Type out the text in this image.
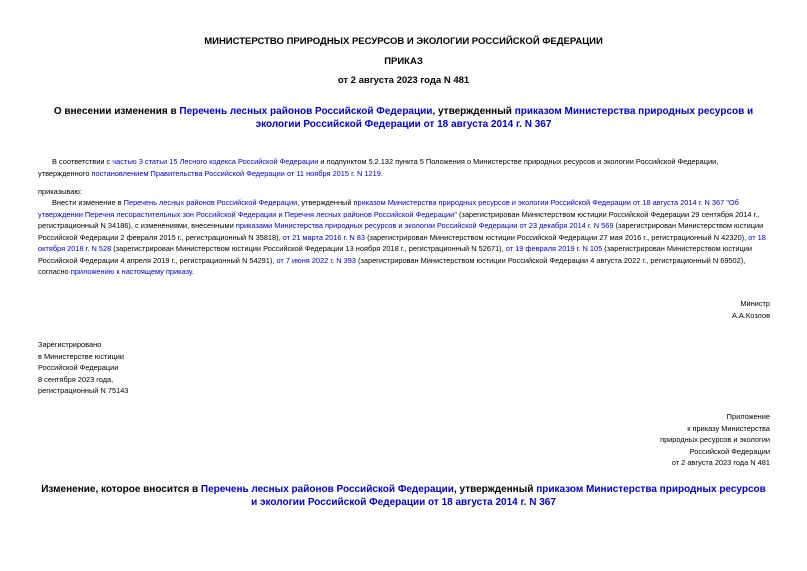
МИНИСТЕРСТВО ПРИРОДНЫХ РЕСУРСОВ И ЭКОЛОГИИ РОССИЙСКОЙ ФЕДЕРАЦИИ
ПРИКАЗ
от 2 августа 2023 года N 481
О внесении изменения в Перечень лесных районов Российской Федерации, утвержденный приказом Министерства природных ресурсов и экологии Российской Федерации от 18 августа 2014 г. N 367
В соответствии с частью 3 статьи 15 Лесного кодекса Российской Федерации и подпунктом 5.2.132 пункта 5 Положения о Министерстве природных ресурсов и экологии Российской Федерации, утвержденного постановлением Правительства Российской Федерации от 11 ноября 2015 г. N 1219.
приказываю:
Внести изменение в Перечень лесных районов Российской Федерации, утвержденный приказом Министерства природных ресурсов и экологии Российской Федерации от 18 августа 2014 г. N 367 "Об утверждении Перечня лесорастительных зон Российской Федерации и Перечня лесных районов Российской Федерации" (зарегистрирован Министерством юстиции Российской Федерации 29 сентября 2014 г., регистрационный N 34186), с изменениями, внесенными приказами Министерства природных ресурсов и экологии Российской Федерации от 23 декабря 2014 г. N 569 (зарегистрирован Министерством юстиции Российской Федерации 2 февраля 2015 г., регистрационный N 35818), от 21 марта 2016 г. N 83 (зарегистрирован Министерством юстиции Российской Федерации 27 мая 2016 г., регистрационный N 42320), от 18 октября 2018 г. N 528 (зарегистрирован Министерством юстиции Российской Федерации 13 ноября 2018 г., регистрационный N 52671), от 19 февраля 2019 г. N 105 (зарегистрирован Министерством юстиции Российской Федерации 4 апреля 2019 г., регистрационный N 54291), от 7 июня 2022 г. N 393 (зарегистрирован Министерством юстиции Российской Федерации 4 августа 2022 г., регистрационный N 69502), согласно приложению к настоящему приказу.
Министр
А.А.Козлов
Зарегистрировано
в Министерстве юстиции
Российской Федерации
8 сентября 2023 года,
регистрационный N 75143
Приложение
к приказу Министерства
природных ресурсов и экологии
Российской Федерации
от 2 августа 2023 года N 481
Изменение, которое вносится в Перечень лесных районов Российской Федерации, утвержденный приказом Министерства природных ресурсов и экологии Российской Федерации от 18 августа 2014 г. N 367
